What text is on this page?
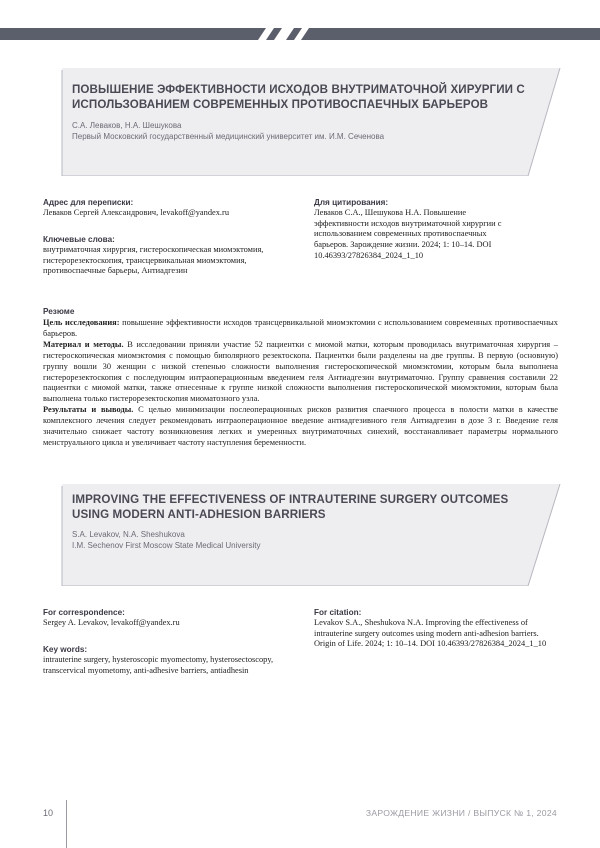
ПОВЫШЕНИЕ ЭФФЕКТИВНОСТИ ИСХОДОВ ВНУТРИМАТОЧНОЙ ХИРУРГИИ С ИСПОЛЬЗОВАНИЕМ СОВРЕМЕННЫХ ПРОТИВОСПАЕЧНЫХ БАРЬЕРОВ
С.А. Леваков, Н.А. Шешукова
Первый Московский государственный медицинский университет им. И.М. Сеченова
Адрес для переписки:
Леваков Сергей Александрович, levakoff@yandex.ru
Ключевые слова:
внутриматочная хирургия, гистероскопическая миомэктомия, гистерорезектоскопия, трансцервикальная миомэктомия, противоспаечные барьеры, Антиадгезин
Для цитирования:
Леваков С.А., Шешукова Н.А. Повышение эффективности исходов внутриматочной хирургии с использованием современных противоспаечных барьеров. Зарождение жизни. 2024; 1: 10–14. DOI 10.46393/27826384_2024_1_10
Резюме

Цель исследования: повышение эффективности исходов трансцервикальной миомэктомии с использованием современных противоспаечных барьеров.

Материал и методы. В исследовании приняли участие 52 пациентки с миомой матки, которым проводилась внутриматочная хирургия – гистероскопическая миомэктомия с помощью биполярного резектоскопа. Пациентки были разделены на две группы. В первую (основную) группу вошли 30 женщин с низкой степенью сложности выполнения гистероскопической миомэктомии, которым была выполнена гистерорезектоскопия с последующим интраоперационным введением геля Антиадгезин внутриматочно. Группу сравнения составили 22 пациентки с миомой матки, также отнесенные к группе низкой сложности выполнения гистероскопической миомэктомии, которым была выполнена только гистерорезектоскопия миоматозного узла.

Результаты и выводы. С целью минимизации послеоперационных рисков развития спаечного процесса в полости матки в качестве комплексного лечения следует рекомендовать интраоперационное введение антиадгезивного геля Антиадгезин в дозе 3 г. Введение геля значительно снижает частоту возникновения легких и умеренных внутриматочных синехий, восстанавливает параметры нормального менструального цикла и увеличивает частоту наступления беременности.

IMPROVING THE EFFECTIVENESS OF INTRAUTERINE SURGERY OUTCOMES USING MODERN ANTI-ADHESION BARRIERS
S.A. Levakov, N.A. Sheshukova
I.M. Sechenov First Moscow State Medical University
For correspondence:
Sergey A. Levakov, levakoff@yandex.ru
Key words:
intrauterine surgery, hysteroscopic myomectomy, hysterosectoscopy, transcervical myometomy, anti-adhesive barriers, antiadhesin
For citation:
Levakov S.A., Sheshukova N.A. Improving the effectiveness of intrauterine surgery outcomes using modern anti-adhesion barriers. Origin of Life. 2024; 1: 10–14. DOI 10.46393/27826384_2024_1_10
10	ЗАРОЖДЕНИЕ ЖИЗНИ / ВЫПУСК № 1, 2024
